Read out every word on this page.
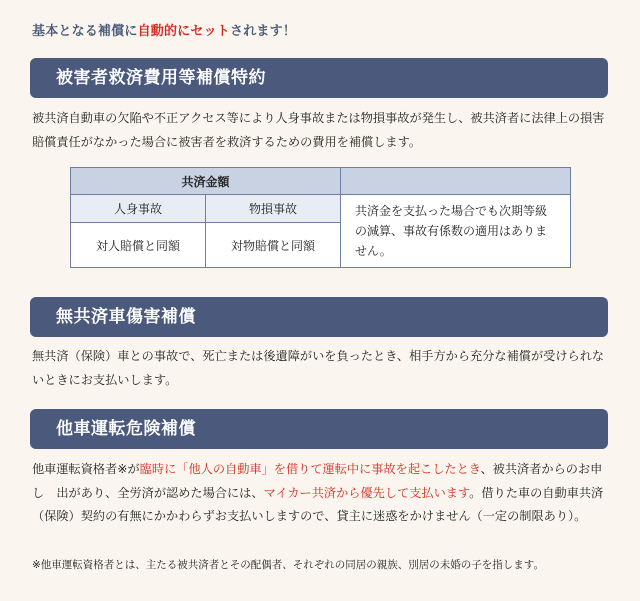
基本となる補償に自動的にセットされます！
被害者救済費用等補償特約
被共済自動車の欠陥や不正アクセス等により人身事故または物損事故が発生し、被共済者に法律上の損害賠償責任がなかった場合に被害者を救済するための費用を補償します。
共済金額		
人身事故	物損事故	共済金を支払った場合でも次期等級の減算、事故有係数の適用はありません。
対人賠償と同額	対物賠償と同額	
無共済車傷害補償
無共済（保険）車との事故で、死亡または後遺障がいを負ったとき、相手方から充分な補償が受けられないときにお支払いします。
他車運転危険補償
他車運転資格者※が臨時に「他人の自動車」を借りて運転中に事故を起こしたとき、被共済者からのお申し　出があり、全労済が認めた場合には、マイカー共済から優先して支払います。借りた車の自動車共済（保険）契約の有無にかかわらずお支払いしますので、貸主に迷惑をかけません（一定の制限あり）。
※他車運転資格者とは、主たる被共済者とその配偶者、それぞれの同居の親族、別居の未婚の子を指します。
